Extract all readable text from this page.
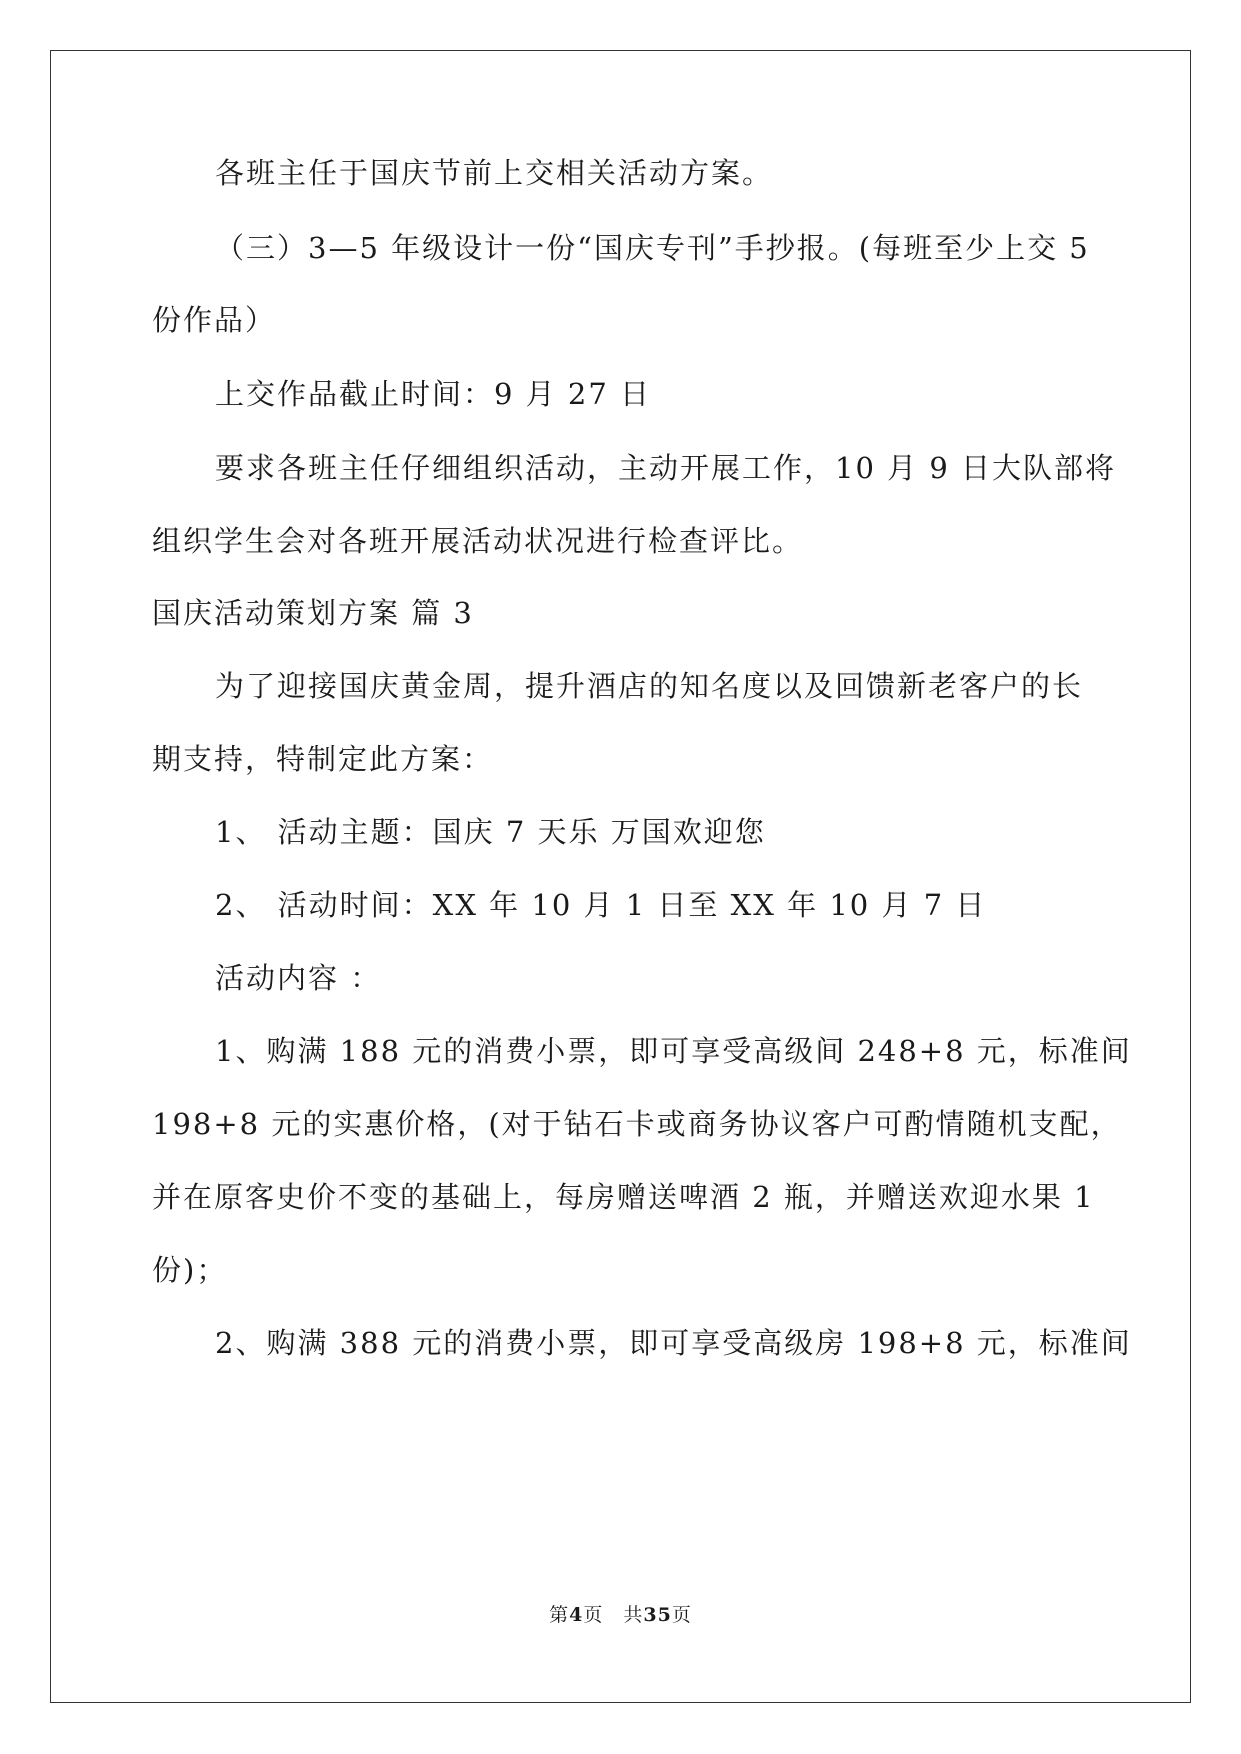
各班主任于国庆节前上交相关活动方案。
（三）3—5 年级设计一份“国庆专刊”手抄报。(每班至少上交 5
份作品）
上交作品截止时间：9 月 27 日
要求各班主任仔细组织活动，主动开展工作，10 月 9 日大队部将
组织学生会对各班开展活动状况进行检查评比。
国庆活动策划方案 篇 3
为了迎接国庆黄金周，提升酒店的知名度以及回馈新老客户的长
期支持，特制定此方案：
1、 活动主题：国庆 7 天乐 万国欢迎您
2、 活动时间：XX 年 10 月 1 日至 XX 年 10 月 7 日
活动内容 ：
1、购满 188 元的消费小票，即可享受高级间 248+8 元，标准间
198+8 元的实惠价格，(对于钻石卡或商务协议客户可酌情随机支配，
并在原客史价不变的基础上，每房赠送啤酒 2 瓶，并赠送欢迎水果 1
份)；
2、购满 388 元的消费小票，即可享受高级房 198+8 元，标准间
第4页　共35页
